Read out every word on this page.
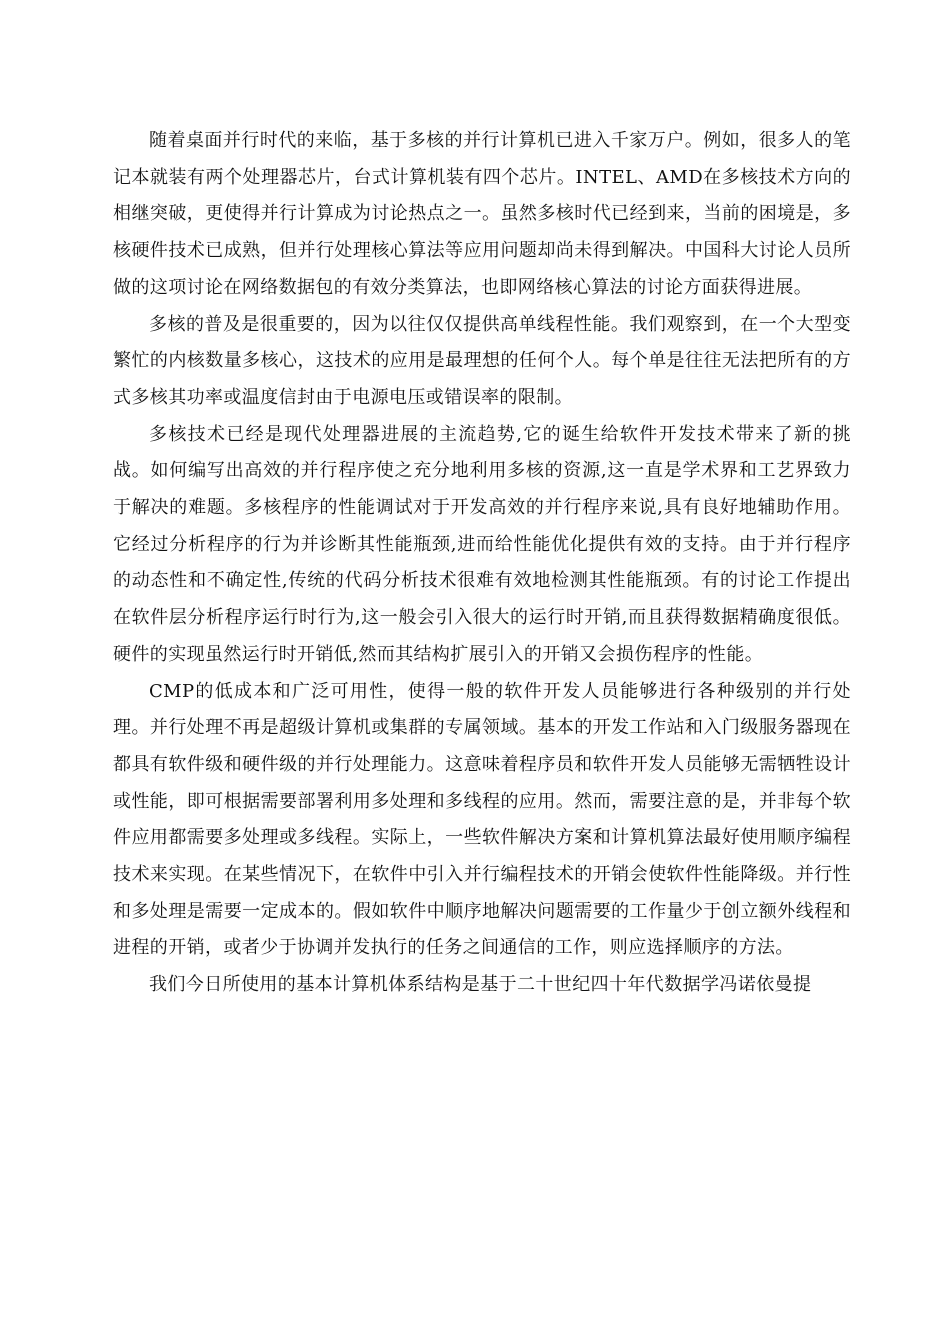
随着桌面并行时代的来临，基于多核的并行计算机已进入千家万户。例如，很多人的笔记本就装有两个处理器芯片，台式计算机装有四个芯片。INTEL、AMD在多核技术方向的相继突破，更使得并行计算成为讨论热点之一。虽然多核时代已经到来，当前的困境是，多核硬件技术已成熟，但并行处理核心算法等应用问题却尚未得到解决。中国科大讨论人员所做的这项讨论在网络数据包的有效分类算法，也即网络核心算法的讨论方面获得进展。

多核的普及是很重要的，因为以往仅仅提供高单线程性能。我们观察到，在一个大型变繁忙的内核数量多核心，这技术的应用是最理想的任何个人。每个单是往往无法把所有的方式多核其功率或温度信封由于电源电压或错误率的限制。

多核技术已经是现代处理器进展的主流趋势,它的诞生给软件开发技术带来了新的挑战。如何编写出高效的并行程序使之充分地利用多核的资源,这一直是学术界和工艺界致力于解决的难题。多核程序的性能调试对于开发高效的并行程序来说,具有良好地辅助作用。它经过分析程序的行为并诊断其性能瓶颈,进而给性能优化提供有效的支持。由于并行程序的动态性和不确定性,传统的代码分析技术很难有效地检测其性能瓶颈。有的讨论工作提出在软件层分析程序运行时行为,这一般会引入很大的运行时开销,而且获得数据精确度很低。硬件的实现虽然运行时开销低,然而其结构扩展引入的开销又会损伤程序的性能。

CMP的低成本和广泛可用性，使得一般的软件开发人员能够进行各种级别的并行处理。并行处理不再是超级计算机或集群的专属领域。基本的开发工作站和入门级服务器现在都具有软件级和硬件级的并行处理能力。这意味着程序员和软件开发人员能够无需牺牲设计或性能，即可根据需要部署利用多处理和多线程的应用。然而，需要注意的是，并非每个软件应用都需要多处理或多线程。实际上，一些软件解决方案和计算机算法最好使用顺序编程技术来实现。在某些情况下，在软件中引入并行编程技术的开销会使软件性能降级。并行性和多处理是需要一定成本的。假如软件中顺序地解决问题需要的工作量少于创立额外线程和进程的开销，或者少于协调并发执行的任务之间通信的工作，则应选择顺序的方法。

我们今日所使用的基本计算机体系结构是基于二十世纪四十年代数据学冯诺依曼提
